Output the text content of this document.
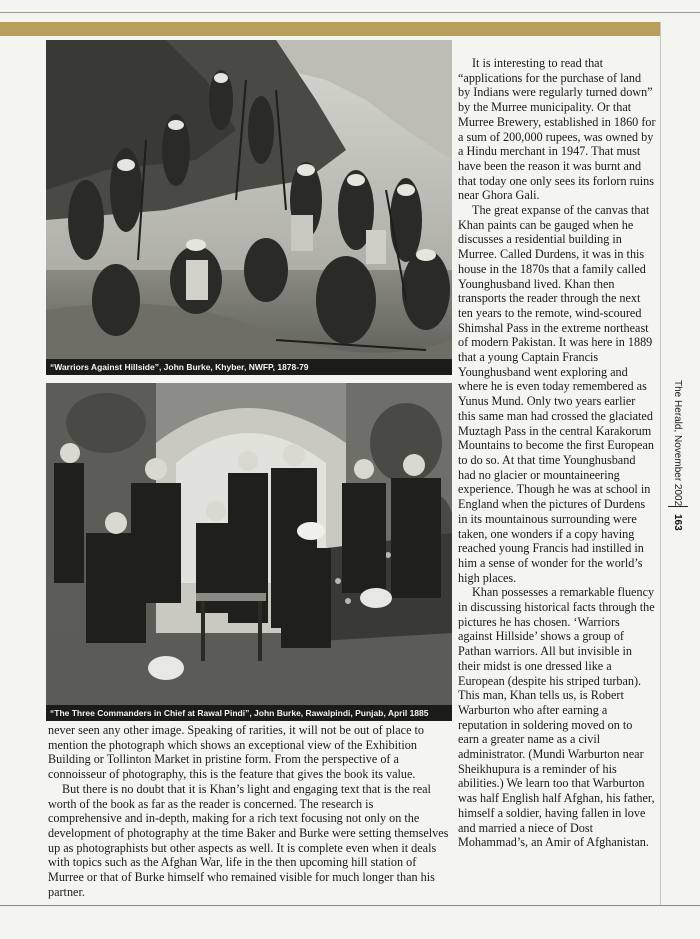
“Warriors Against Hillside”, John Burke, Khyber, NWFP, 1878-79
“The Three Commanders in Chief at Rawal Pindi”, John Burke, Rawalpindi, Punjab, April 1885

It is interesting to read that “applications for the purchase of land by Indians were regularly turned down” by the Murree municipality. Or that Murree Brewery, established in 1860 for a sum of 200,000 rupees, was owned by a Hindu merchant in 1947. That must have been the reason it was burnt and that today one only sees its forlorn ruins near Ghora Gali.

The great expanse of the canvas that Khan paints can be gauged when he discusses a residential building in Murree. Called Durdens, it was in this house in the 1870s that a family called Younghusband lived. Khan then transports the reader through the next ten years to the remote, wind-scoured Shimshal Pass in the extreme northeast of modern Pakistan. It was here in 1889 that a young Captain Francis Younghusband went exploring and where he is even today remembered as Yunus Mund. Only two years earlier this same man had crossed the glaciated Muztagh Pass in the central Karakorum Mountains to become the first European to do so. At that time Younghusband had no glacier or mountaineering experience. Though he was at school in England when the pictures of Durdens in its mountainous surrounding were taken, one wonders if a copy having reached young Francis had instilled in him a sense of wonder for the world’s high places.

Khan possesses a remarkable fluency in discussing historical facts through the pictures he has chosen. ‘Warriors against Hillside’ shows a group of Pathan warriors. All but invisible in their midst is one dressed like a European (despite his striped turban). This man, Khan tells us, is Robert Warburton who after earning a reputation in soldering moved on to earn a greater name as a civil administrator. (Mundi Warburton near Sheikhupura is a reminder of his abilities.) We learn too that Warburton was half English half Afghan, his father, himself a soldier, having fallen in love and married a niece of Dost Mohammad’s, an Amir of Afghanistan.

never seen any other image. Speaking of rarities, it will not be out of place to mention the photograph which shows an exceptional view of the Exhibition Building or Tollinton Market in pristine form. From the perspective of a connoisseur of photography, this is the feature that gives the book its value.

But there is no doubt that it is Khan’s light and engaging text that is the real worth of the book as far as the reader is concerned. The research is comprehensive and in-depth, making for a rich text focusing not only on the development of photography at the time Baker and Burke were setting themselves up as photographists but other aspects as well. It is complete even when it deals with topics such as the Afghan War, life in the then upcoming hill station of Murree or that of Burke himself who remained visible for much longer than his partner.

The Herald, November 2002
163
